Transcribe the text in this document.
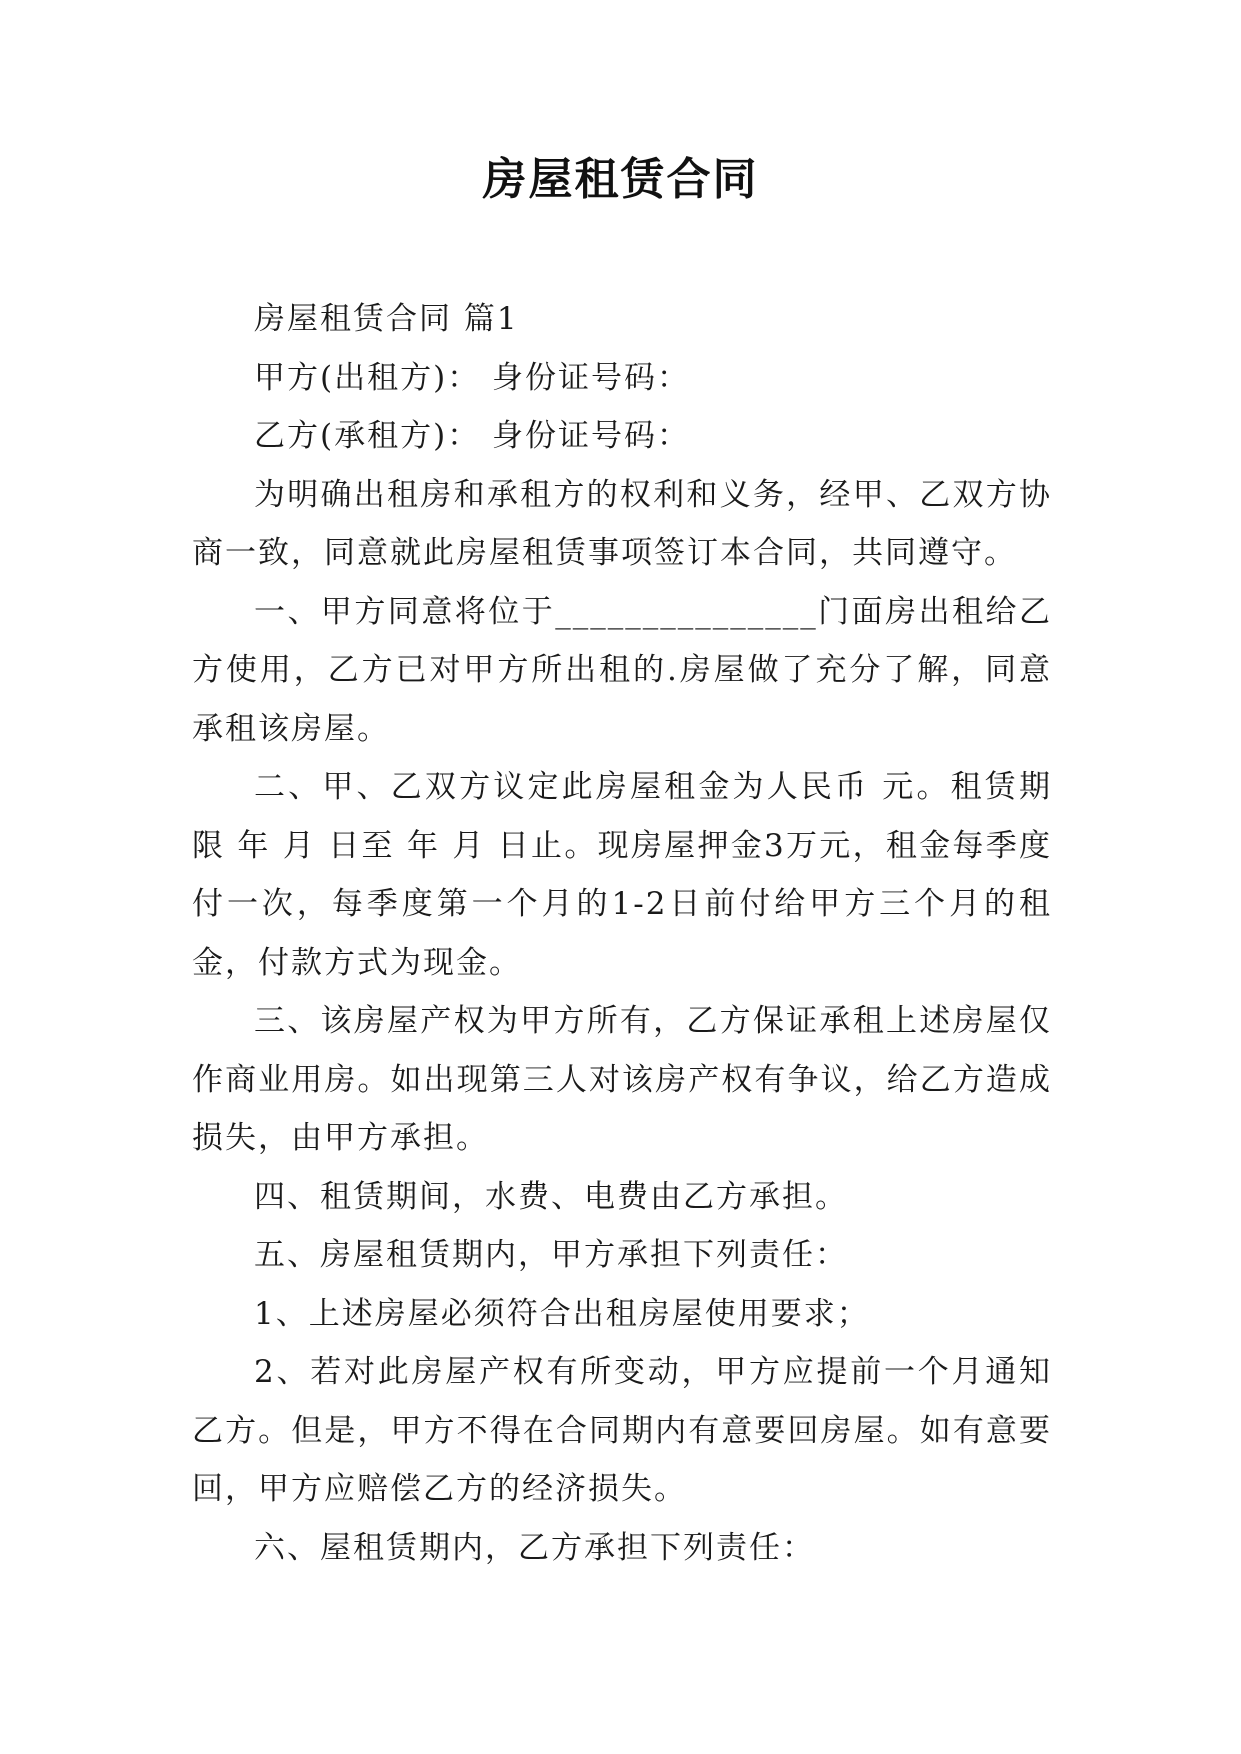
房屋租赁合同

房屋租赁合同 篇1

甲方(出租方)： 身份证号码：

乙方(承租方)： 身份证号码：

为明确出租房和承租方的权利和义务，经甲、乙双方协商一致，同意就此房屋租赁事项签订本合同，共同遵守。

一、甲方同意将位于_______________门面房出租给乙方使用，乙方已对甲方所出租的.房屋做了充分了解，同意承租该房屋。

二、甲、乙双方议定此房屋租金为人民币 元。租赁期限 年 月 日至 年 月 日止。现房屋押金3万元，租金每季度付一次，每季度第一个月的1-2日前付给甲方三个月的租金，付款方式为现金。

三、该房屋产权为甲方所有，乙方保证承租上述房屋仅作商业用房。如出现第三人对该房产权有争议，给乙方造成损失，由甲方承担。

四、租赁期间，水费、电费由乙方承担。

五、房屋租赁期内，甲方承担下列责任：

1、上述房屋必须符合出租房屋使用要求；

2、若对此房屋产权有所变动，甲方应提前一个月通知乙方。但是，甲方不得在合同期内有意要回房屋。如有意要回，甲方应赔偿乙方的经济损失。

六、屋租赁期内，乙方承担下列责任：
